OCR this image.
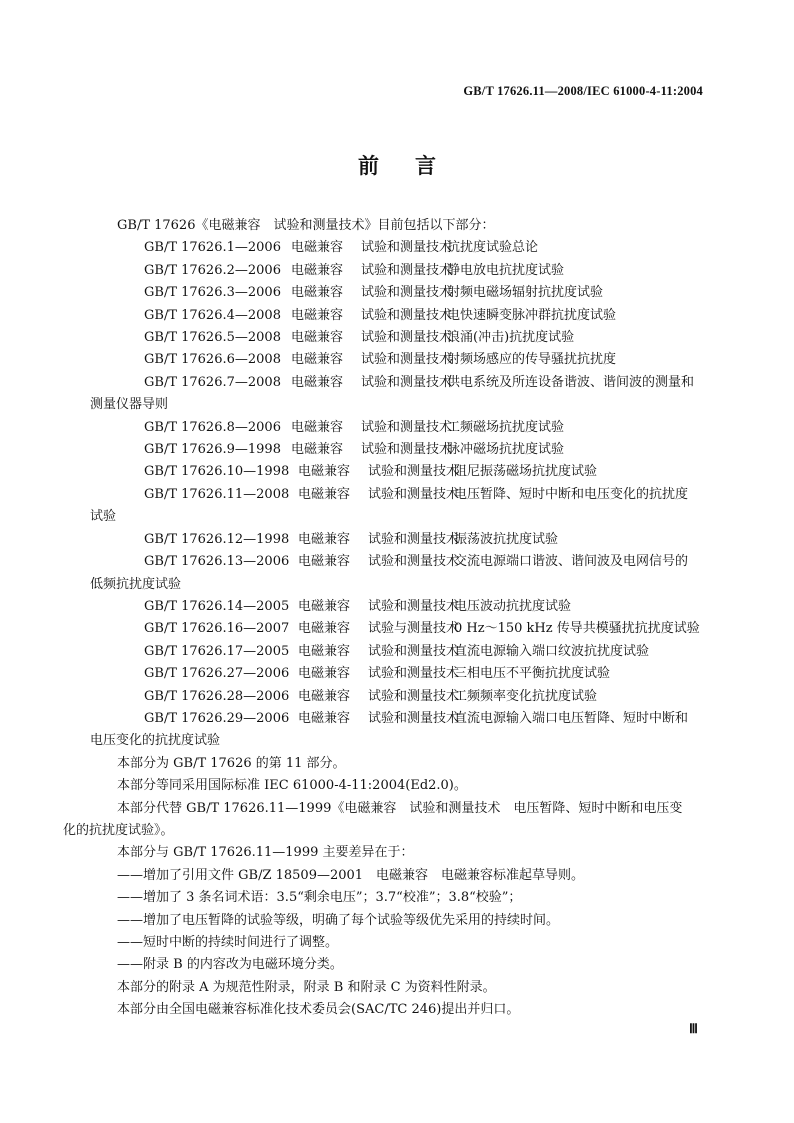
GB/T 17626.11—2008/IEC 61000-4-11:2004
前言

GB/T 17626《电磁兼容　试验和测量技术》目前包括以下部分：

GB/T 17626.1—2006 电磁兼容 试验和测量技术抗扰度试验总论

GB/T 17626.2—2006 电磁兼容 试验和测量技术静电放电抗扰度试验

GB/T 17626.3—2006 电磁兼容 试验和测量技术射频电磁场辐射抗扰度试验

GB/T 17626.4—2008 电磁兼容 试验和测量技术电快速瞬变脉冲群抗扰度试验

GB/T 17626.5—2008 电磁兼容 试验和测量技术浪涌(冲击)抗扰度试验

GB/T 17626.6—2008 电磁兼容 试验和测量技术射频场感应的传导骚扰抗扰度

GB/T 17626.7—2008 电磁兼容 试验和测量技术供电系统及所连设备谐波、谐间波的测量和

测量仪器导则

GB/T 17626.8—2006 电磁兼容 试验和测量技术工频磁场抗扰度试验

GB/T 17626.9—1998 电磁兼容 试验和测量技术脉冲磁场抗扰度试验

GB/T 17626.10—1998 电磁兼容 试验和测量技术阻尼振荡磁场抗扰度试验

GB/T 17626.11—2008 电磁兼容 试验和测量技术电压暂降、短时中断和电压变化的抗扰度

试验

GB/T 17626.12—1998 电磁兼容 试验和测量技术振荡波抗扰度试验

GB/T 17626.13—2006 电磁兼容 试验和测量技术交流电源端口谐波、谐间波及电网信号的

低频抗扰度试验

GB/T 17626.14—2005 电磁兼容 试验和测量技术电压波动抗扰度试验

GB/T 17626.16—2007 电磁兼容 试验与测量技术0 Hz～150 kHz 传导共模骚扰抗扰度试验

GB/T 17626.17—2005 电磁兼容 试验和测量技术直流电源输入端口纹波抗扰度试验

GB/T 17626.27—2006 电磁兼容 试验和测量技术三相电压不平衡抗扰度试验

GB/T 17626.28—2006 电磁兼容 试验和测量技术工频频率变化抗扰度试验

GB/T 17626.29—2006 电磁兼容 试验和测量技术直流电源输入端口电压暂降、短时中断和

电压变化的抗扰度试验

本部分为 GB/T 17626 的第 11 部分。

本部分等同采用国际标准 IEC 61000-4-11:2004(Ed2.0)。

本部分代替 GB/T 17626.11—1999《电磁兼容　试验和测量技术　电压暂降、短时中断和电压变
化的抗扰度试验》。

本部分与 GB/T 17626.11—1999 主要差异在于：

——增加了引用文件 GB/Z 18509—2001　电磁兼容　电磁兼容标准起草导则。

——增加了 3 条名词术语：3.5“剩余电压”；3.7“校准”；3.8“校验”；

——增加了电压暂降的试验等级，明确了每个试验等级优先采用的持续时间。

——短时中断的持续时间进行了调整。

——附录 B 的内容改为电磁环境分类。

本部分的附录 A 为规范性附录，附录 B 和附录 C 为资料性附录。

本部分由全国电磁兼容标准化技术委员会(SAC/TC 246)提出并归口。

Ⅲ
